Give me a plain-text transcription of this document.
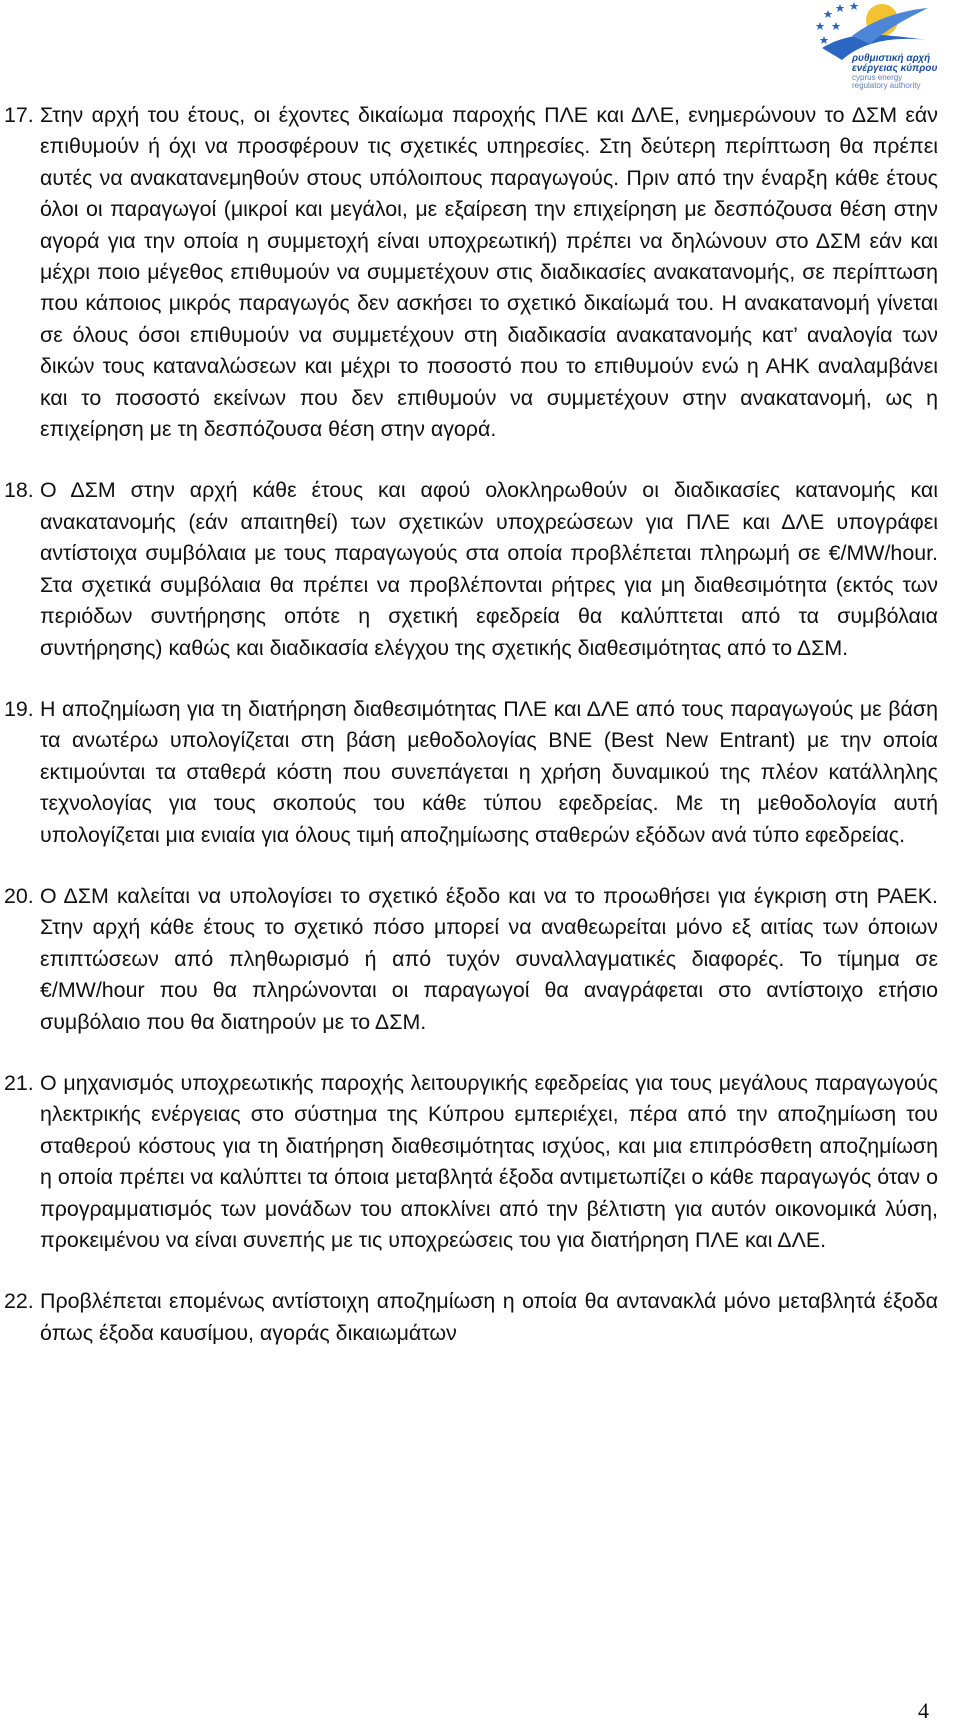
ρυθμιστική αρχή
ενέργειας κύπρου
cyprus energy
regulatory authority
17. Στην αρχή του έτους, οι έχοντες δικαίωμα παροχής ΠΛΕ και ΔΛΕ, ενημερώνουν το ΔΣΜ εάν επιθυμούν ή όχι να προσφέρουν τις σχετικές υπηρεσίες. Στη δεύτερη περίπτωση θα πρέπει αυτές να ανακατανεμηθούν στους υπόλοιπους παραγωγούς. Πριν από την έναρξη κάθε έτους όλοι οι παραγωγοί (μικροί και μεγάλοι, με εξαίρεση την επιχείρηση με δεσπόζουσα θέση στην αγορά για την οποία η συμμετοχή είναι υποχρεωτική) πρέπει να δηλώνουν στο ΔΣΜ εάν και μέχρι ποιο μέγεθος επιθυμούν να συμμετέχουν στις διαδικασίες ανακατανομής, σε περίπτωση που κάποιος μικρός παραγωγός δεν ασκήσει το σχετικό δικαίωμά του. Η ανακατανομή γίνεται σε όλους όσοι επιθυμούν να συμμετέχουν στη διαδικασία ανακατανομής κατ’ αναλογία των δικών τους καταναλώσεων και μέχρι το ποσοστό που το επιθυμούν ενώ η ΑΗΚ αναλαμβάνει και το ποσοστό εκείνων που δεν επιθυμούν να συμμετέχουν στην ανακατανομή, ως η επιχείρηση με τη δεσπόζουσα θέση στην αγορά.
18. Ο ΔΣΜ στην αρχή κάθε έτους και αφού ολοκληρωθούν οι διαδικασίες κατανομής και ανακατανομής (εάν απαιτηθεί) των σχετικών υποχρεώσεων για ΠΛΕ και ΔΛΕ υπογράφει αντίστοιχα συμβόλαια με τους παραγωγούς στα οποία προβλέπεται πληρωμή σε €/MW/hour. Στα σχετικά συμβόλαια θα πρέπει να προβλέπονται ρήτρες για μη διαθεσιμότητα (εκτός των περιόδων συντήρησης οπότε η σχετική εφεδρεία θα καλύπτεται από τα συμβόλαια συντήρησης) καθώς και διαδικασία ελέγχου της σχετικής διαθεσιμότητας από το ΔΣΜ.
19. Η αποζημίωση για τη διατήρηση διαθεσιμότητας ΠΛΕ και ΔΛΕ από τους παραγωγούς με βάση τα ανωτέρω υπολογίζεται στη βάση μεθοδολογίας BNE (Best New Entrant) με την οποία εκτιμούνται τα σταθερά κόστη που συνεπάγεται η χρήση δυναμικού της πλέον κατάλληλης τεχνολογίας για τους σκοπούς του κάθε τύπου εφεδρείας. Με τη μεθοδολογία αυτή υπολογίζεται μια ενιαία για όλους τιμή αποζημίωσης σταθερών εξόδων ανά τύπο εφεδρείας.
20. Ο ΔΣΜ καλείται να υπολογίσει το σχετικό έξοδο και να το προωθήσει για έγκριση στη ΡΑΕΚ. Στην αρχή κάθε έτους το σχετικό πόσο μπορεί να αναθεωρείται μόνο εξ αιτίας των όποιων επιπτώσεων από πληθωρισμό ή από τυχόν συναλλαγματικές διαφορές. Το τίμημα σε €/MW/hour που θα πληρώνονται οι παραγωγοί θα αναγράφεται στο αντίστοιχο ετήσιο συμβόλαιο που θα διατηρούν με το ΔΣΜ.
21. Ο μηχανισμός υποχρεωτικής παροχής λειτουργικής εφεδρείας για τους μεγάλους παραγωγούς ηλεκτρικής ενέργειας στο σύστημα της Κύπρου εμπεριέχει, πέρα από την αποζημίωση του σταθερού κόστους για τη διατήρηση διαθεσιμότητας ισχύος, και μια επιπρόσθετη αποζημίωση η οποία πρέπει να καλύπτει τα όποια μεταβλητά έξοδα αντιμετωπίζει ο κάθε παραγωγός όταν ο προγραμματισμός των μονάδων του αποκλίνει από την βέλτιστη για αυτόν οικονομικά λύση, προκειμένου να είναι συνεπής με τις υποχρεώσεις του για διατήρηση ΠΛΕ και ΔΛΕ.
22. Προβλέπεται επομένως αντίστοιχη αποζημίωση η οποία θα αντανακλά μόνο μεταβλητά έξοδα όπως έξοδα καυσίμου, αγοράς δικαιωμάτων
4
